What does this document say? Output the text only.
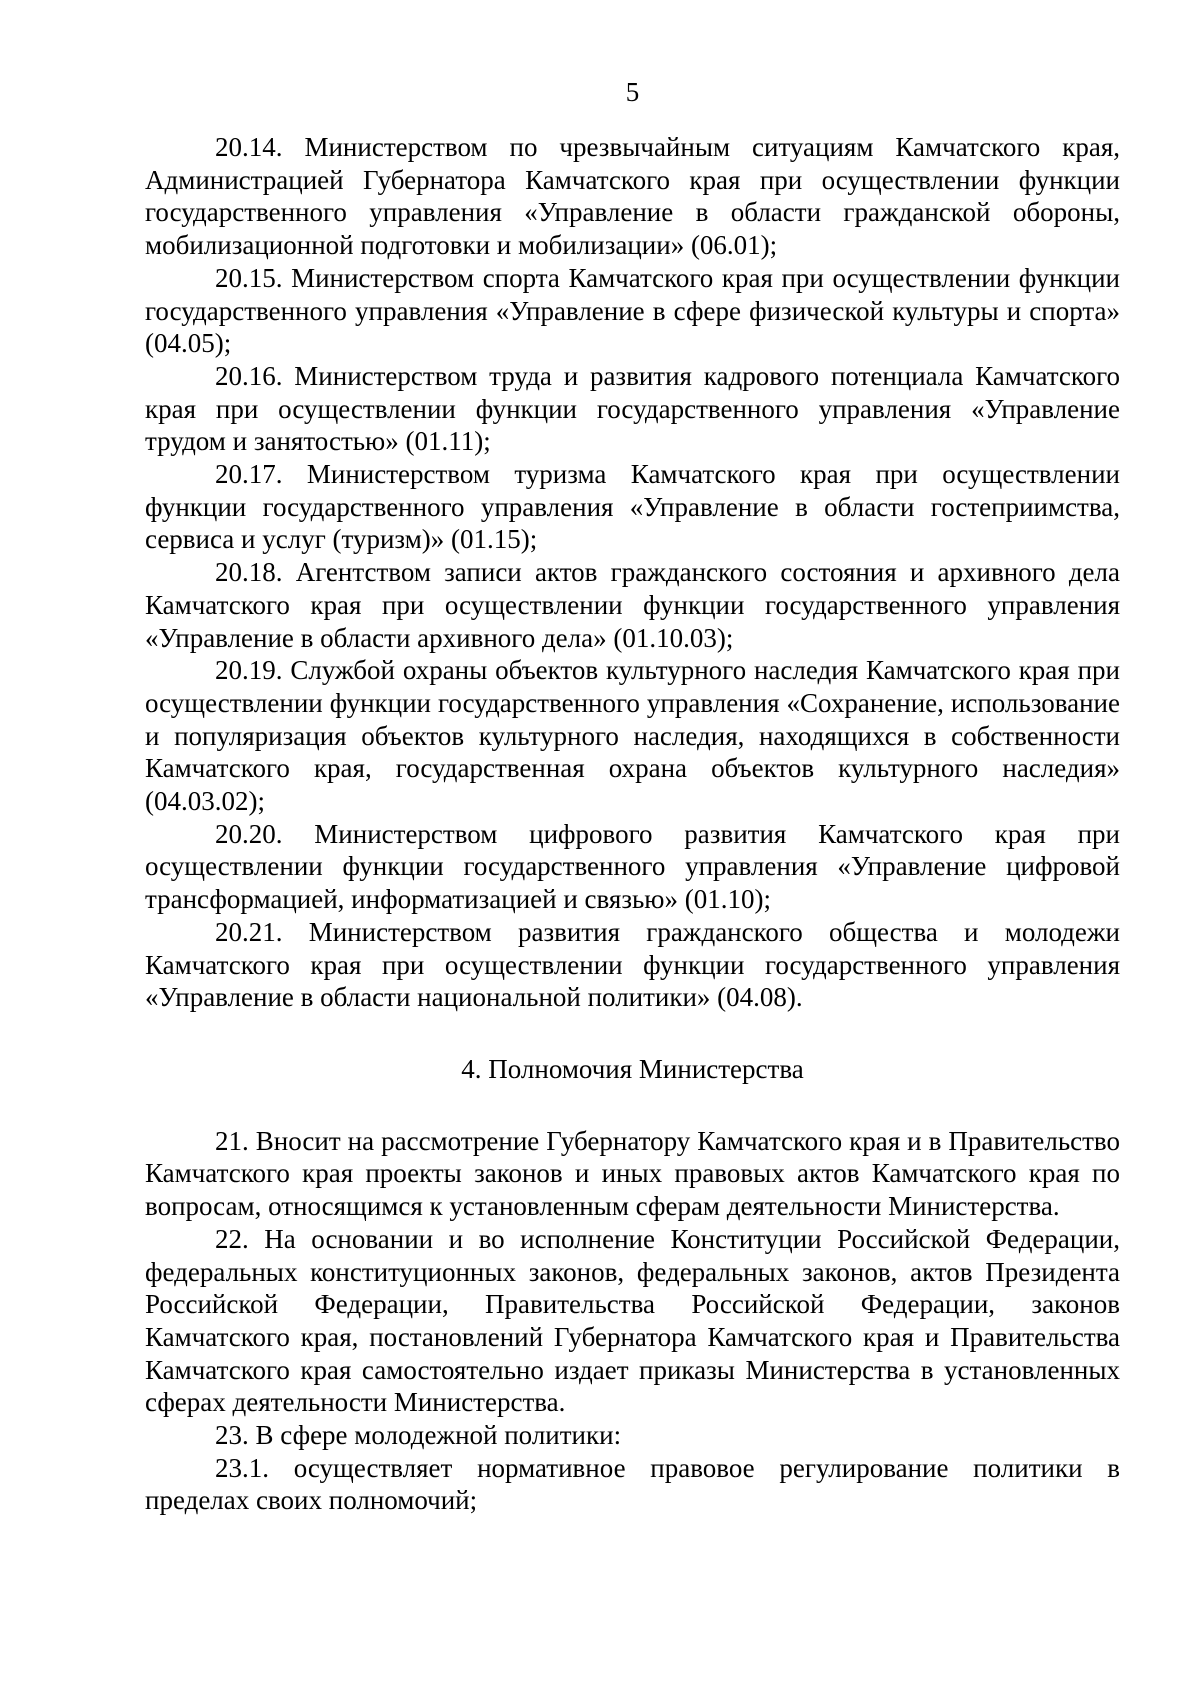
5

20.14. Министерством по чрезвычайным ситуациям Камчатского края, Администрацией Губернатора Камчатского края при осуществлении функции государственного управления «Управление в области гражданской обороны, мобилизационной подготовки и мобилизации» (06.01);

20.15. Министерством спорта Камчатского края при осуществлении функции государственного управления «Управление в сфере физической культуры и спорта» (04.05);

20.16. Министерством труда и развития кадрового потенциала Камчатского края при осуществлении функции государственного управления «Управление трудом и занятостью» (01.11);

20.17. Министерством туризма Камчатского края при осуществлении функции государственного управления «Управление в области гостеприимства, сервиса и услуг (туризм)» (01.15);

20.18. Агентством записи актов гражданского состояния и архивного дела Камчатского края при осуществлении функции государственного управления «Управление в области архивного дела» (01.10.03);

20.19. Службой охраны объектов культурного наследия Камчатского края при осуществлении функции государственного управления «Сохранение, использование и популяризация объектов культурного наследия, находящихся в собственности Камчатского края, государственная охрана объектов культурного наследия» (04.03.02);

20.20. Министерством цифрового развития Камчатского края при осуществлении функции государственного управления «Управление цифровой трансформацией, информатизацией и связью» (01.10);

20.21. Министерством развития гражданского общества и молодежи Камчатского края при осуществлении функции государственного управления «Управление в области национальной политики» (04.08).

4. Полномочия Министерства

21. Вносит на рассмотрение Губернатору Камчатского края и в Правительство Камчатского края проекты законов и иных правовых актов Камчатского края по вопросам, относящимся к установленным сферам деятельности Министерства.

22. На основании и во исполнение Конституции Российской Федерации, федеральных конституционных законов, федеральных законов, актов Президента Российской Федерации, Правительства Российской Федерации, законов Камчатского края, постановлений Губернатора Камчатского края и Правительства Камчатского края самостоятельно издает приказы Министерства в установленных сферах деятельности Министерства.

23. В сфере молодежной политики:

23.1. осуществляет нормативное правовое регулирование политики в пределах своих полномочий;
